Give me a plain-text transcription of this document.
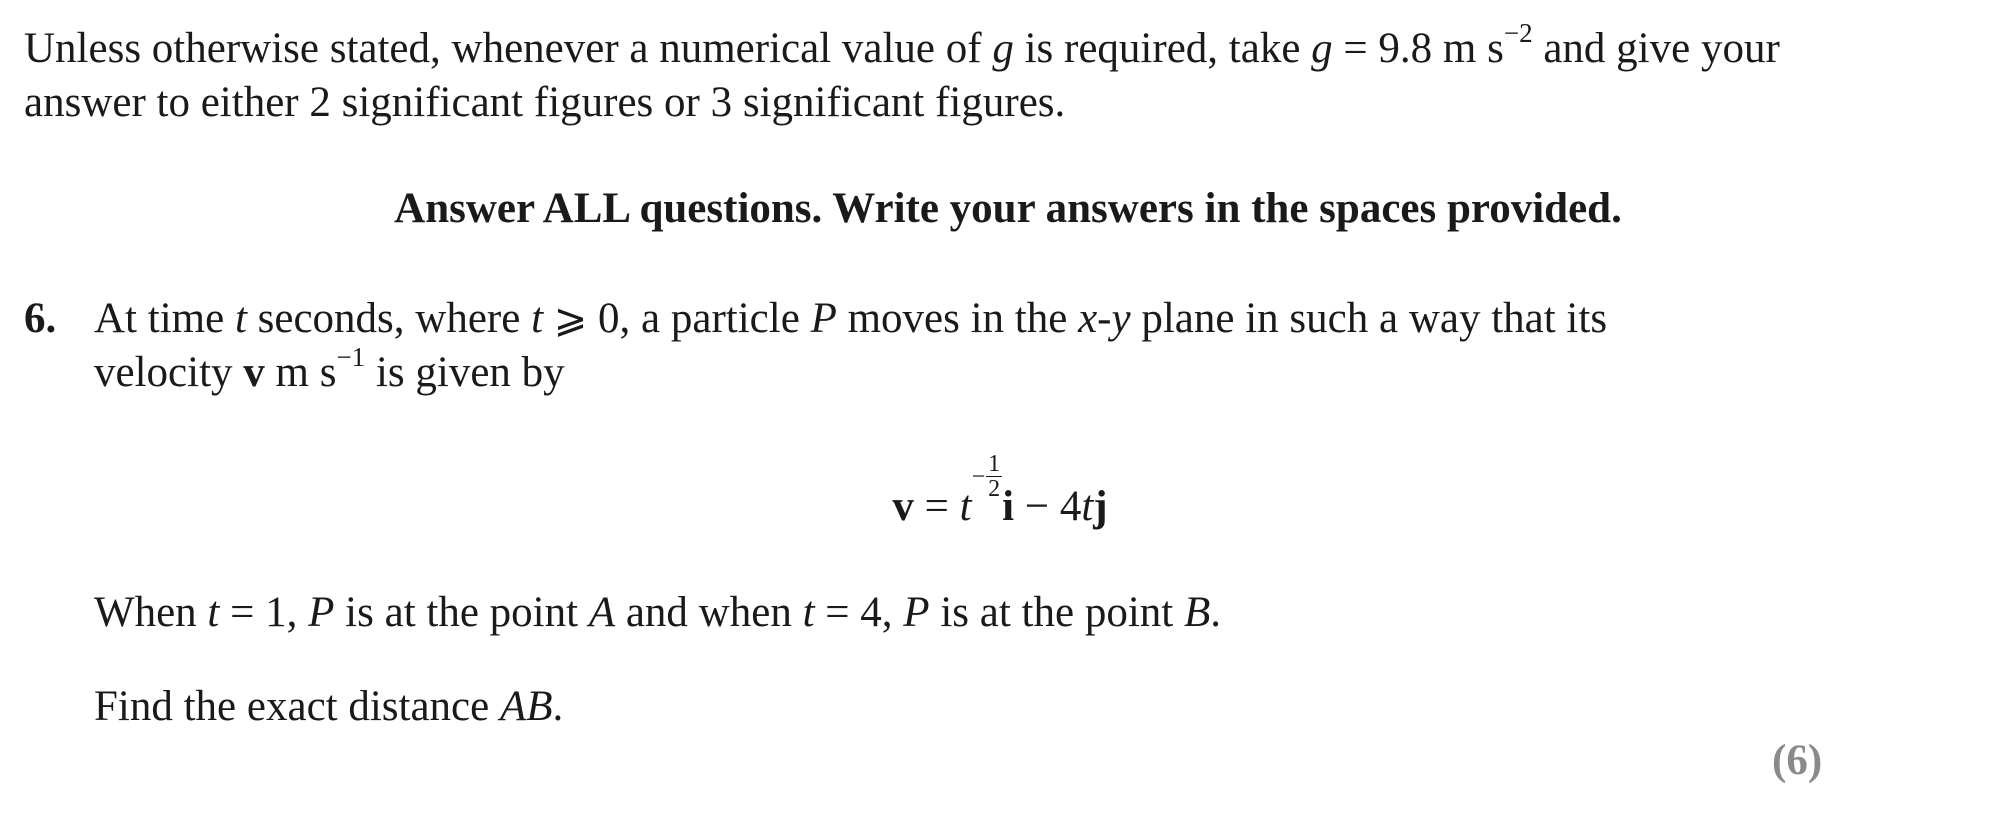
Unless otherwise stated, whenever a numerical value of g is required, take g = 9.8 m $s^{-2}$ and give your
answer to either 2 significant figures or 3 significant figures.
Answer ALL questions. Write your answers in the spaces provided.
6. At time t seconds, where t ⩾ 0, a particle P moves in the x-y plane in such a way that its
velocity v m $s^{-1}$ is given by
$v = t^- \frac{1}{2}$
i − 4tj
When t = 1, P is at the point A and when t = 4, P is at the point B.
Find the exact distance AB.
(6)
